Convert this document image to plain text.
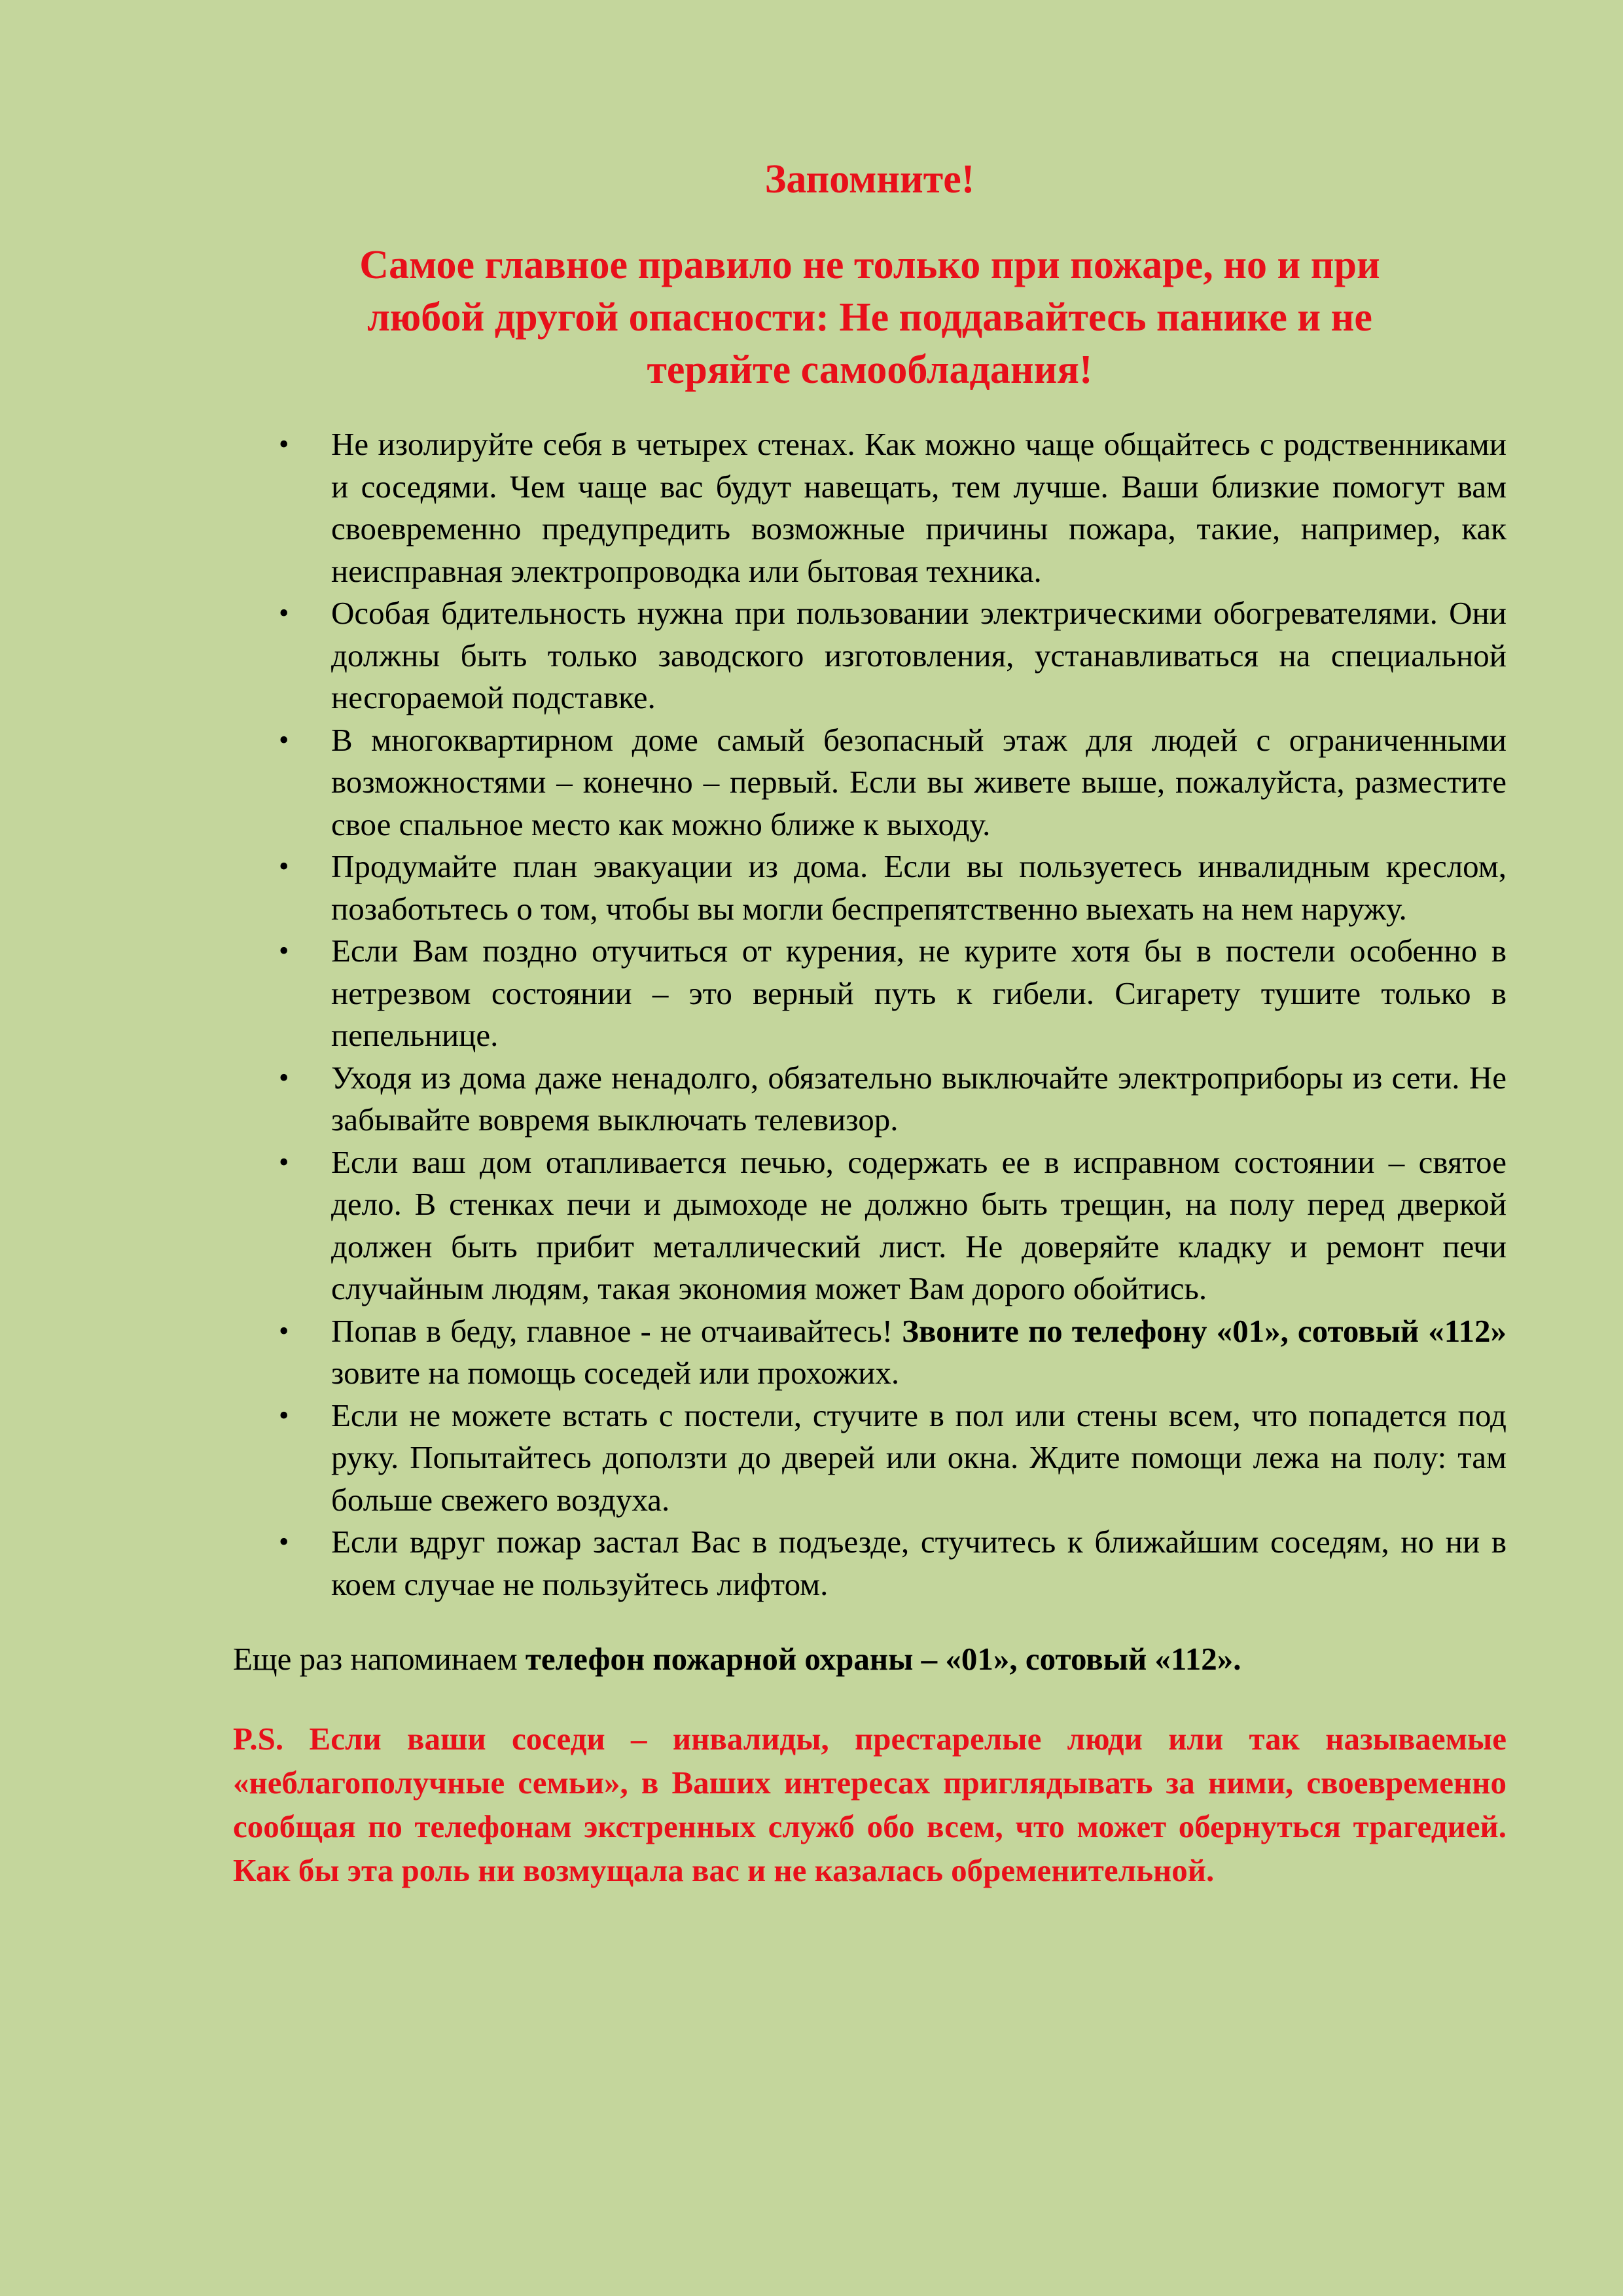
Запомните!
Самое главное правило не только при пожаре, но и при
любой другой опасности: Не поддавайтесь панике и не
теряйте самообладания!
• Не изолируйте себя в четырех стенах. Как можно чаще общайтесь с родственниками и соседями. Чем чаще вас будут навещать, тем лучше. Ваши близкие помогут вам своевременно предупредить возможные причины пожара, такие, например, как неисправная электропроводка или бытовая техника.
• Особая бдительность нужна при пользовании электрическими обогревателями. Они должны быть только заводского изготовления, устанавливаться на специальной несгораемой подставке.
• В многоквартирном доме самый безопасный этаж для людей с ограниченными возможностями – конечно – первый. Если вы живете выше, пожалуйста, разместите свое спальное место как можно ближе к выходу.
• Продумайте план эвакуации из дома. Если вы пользуетесь инвалидным креслом, позаботьтесь о том, чтобы вы могли беспрепятственно выехать на нем наружу.
• Если Вам поздно отучиться от курения, не курите хотя бы в постели особенно в нетрезвом состоянии – это верный путь к гибели. Сигарету тушите только в пепельнице.
• Уходя из дома даже ненадолго, обязательно выключайте электроприборы из сети. Не забывайте вовремя выключать телевизор.
• Если ваш дом отапливается печью, содержать ее в исправном состоянии – святое дело. В стенках печи и дымоходе не должно быть трещин, на полу перед дверкой должен быть прибит металлический лист. Не доверяйте кладку и ремонт печи случайным людям, такая экономия может Вам дорого обойтись.
• Попав в беду, главное - не отчаивайтесь! Звоните по телефону «01», сотовый «112» зовите на помощь соседей или прохожих.
• Если не можете встать с постели, стучите в пол или стены всем, что попадется под руку. Попытайтесь доползти до дверей или окна. Ждите помощи лежа на полу: там больше свежего воздуха.
• Если вдруг пожар застал Вас в подъезде, стучитесь к ближайшим соседям, но ни в коем случае не пользуйтесь лифтом.

Еще раз напоминаем телефон пожарной охраны – «01», сотовый «112».

P.S. Если ваши соседи – инвалиды, престарелые люди или так называемые «неблагополучные семьи», в Ваших интересах приглядывать за ними, своевременно сообщая по телефонам экстренных служб обо всем, что может обернуться трагедией. Как бы эта роль ни возмущала вас и не казалась обременительной.
